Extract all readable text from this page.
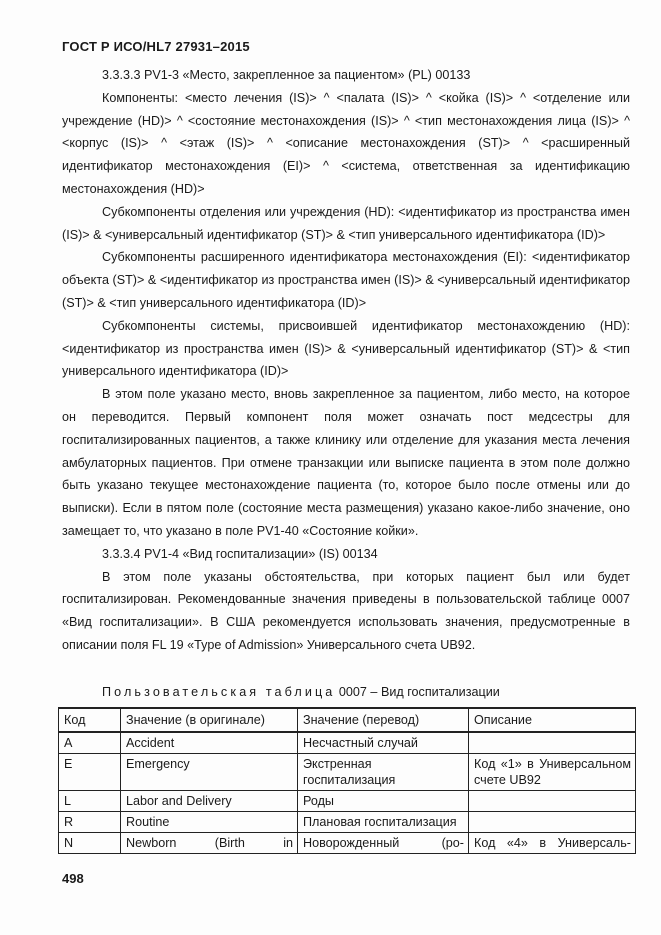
ГОСТ Р ИСО/HL7 27931–2015

3.3.3.3 PV1-3 «Место, закрепленное за пациентом» (PL) 00133

Компоненты: <место лечения (IS)> ^ <палата (IS)> ^ <койка (IS)> ^ <отделение или учреждение (HD)> ^ <состояние местонахождения (IS)> ^ <тип местонахождения лица (IS)> ^ <корпус (IS)> ^ <этаж (IS)> ^ <описание местонахождения (ST)> ^ <расширенный идентификатор местонахождения (EI)> ^ <система, ответственная за идентификацию местонахождения (HD)>

Субкомпоненты отделения или учреждения (HD): <идентификатор из пространства имен (IS)> & <универсальный идентификатор (ST)> & <тип универсального идентификатора (ID)>

Субкомпоненты расширенного идентификатора местонахождения (EI): <идентификатор объекта (ST)> & <идентификатор из пространства имен (IS)> & <универсальный идентификатор (ST)> & <тип универсального идентификатора (ID)>

Субкомпоненты системы, присвоившей идентификатор местонахождению (HD): <идентификатор из пространства имен (IS)> & <универсальный идентификатор (ST)> & <тип универсального идентификатора (ID)>

В этом поле указано место, вновь закрепленное за пациентом, либо место, на которое он переводится. Первый компонент поля может означать пост медсестры для госпитализированных пациентов, а также клинику или отделение для указания места лечения амбулаторных пациентов. При отмене транзакции или выписке пациента в этом поле должно быть указано текущее местонахождение пациента (то, которое было после отмены или до выписки). Если в пятом поле (состояние места размещения) указано какое-либо значение, оно замещает то, что указано в поле PV1-40 «Состояние койки».

3.3.3.4 PV1-4 «Вид госпитализации» (IS) 00134

В этом поле указаны обстоятельства, при которых пациент был или будет госпитализирован. Рекомендованные значения приведены в пользовательской таблице 0007 «Вид госпитализации». В США рекомендуется использовать значения, предусмотренные в описании поля FL 19 «Type of Admission» Универсального счета UB92.

Пользовательская таблица 0007 – Вид госпитализации
Код	Значение (в оригинале)	Значение (перевод)	Описание
A	Accident	Несчастный случай	
E	Emergency	Экстренная госпитализация	Код «1» в Универсальном счете UB92
L	Labor and Delivery	Роды	
R	Routine	Плановая госпитализация	
N	Newborn (Birth in	Новорожденный (ро-	Код «4» в Универсаль-
498
